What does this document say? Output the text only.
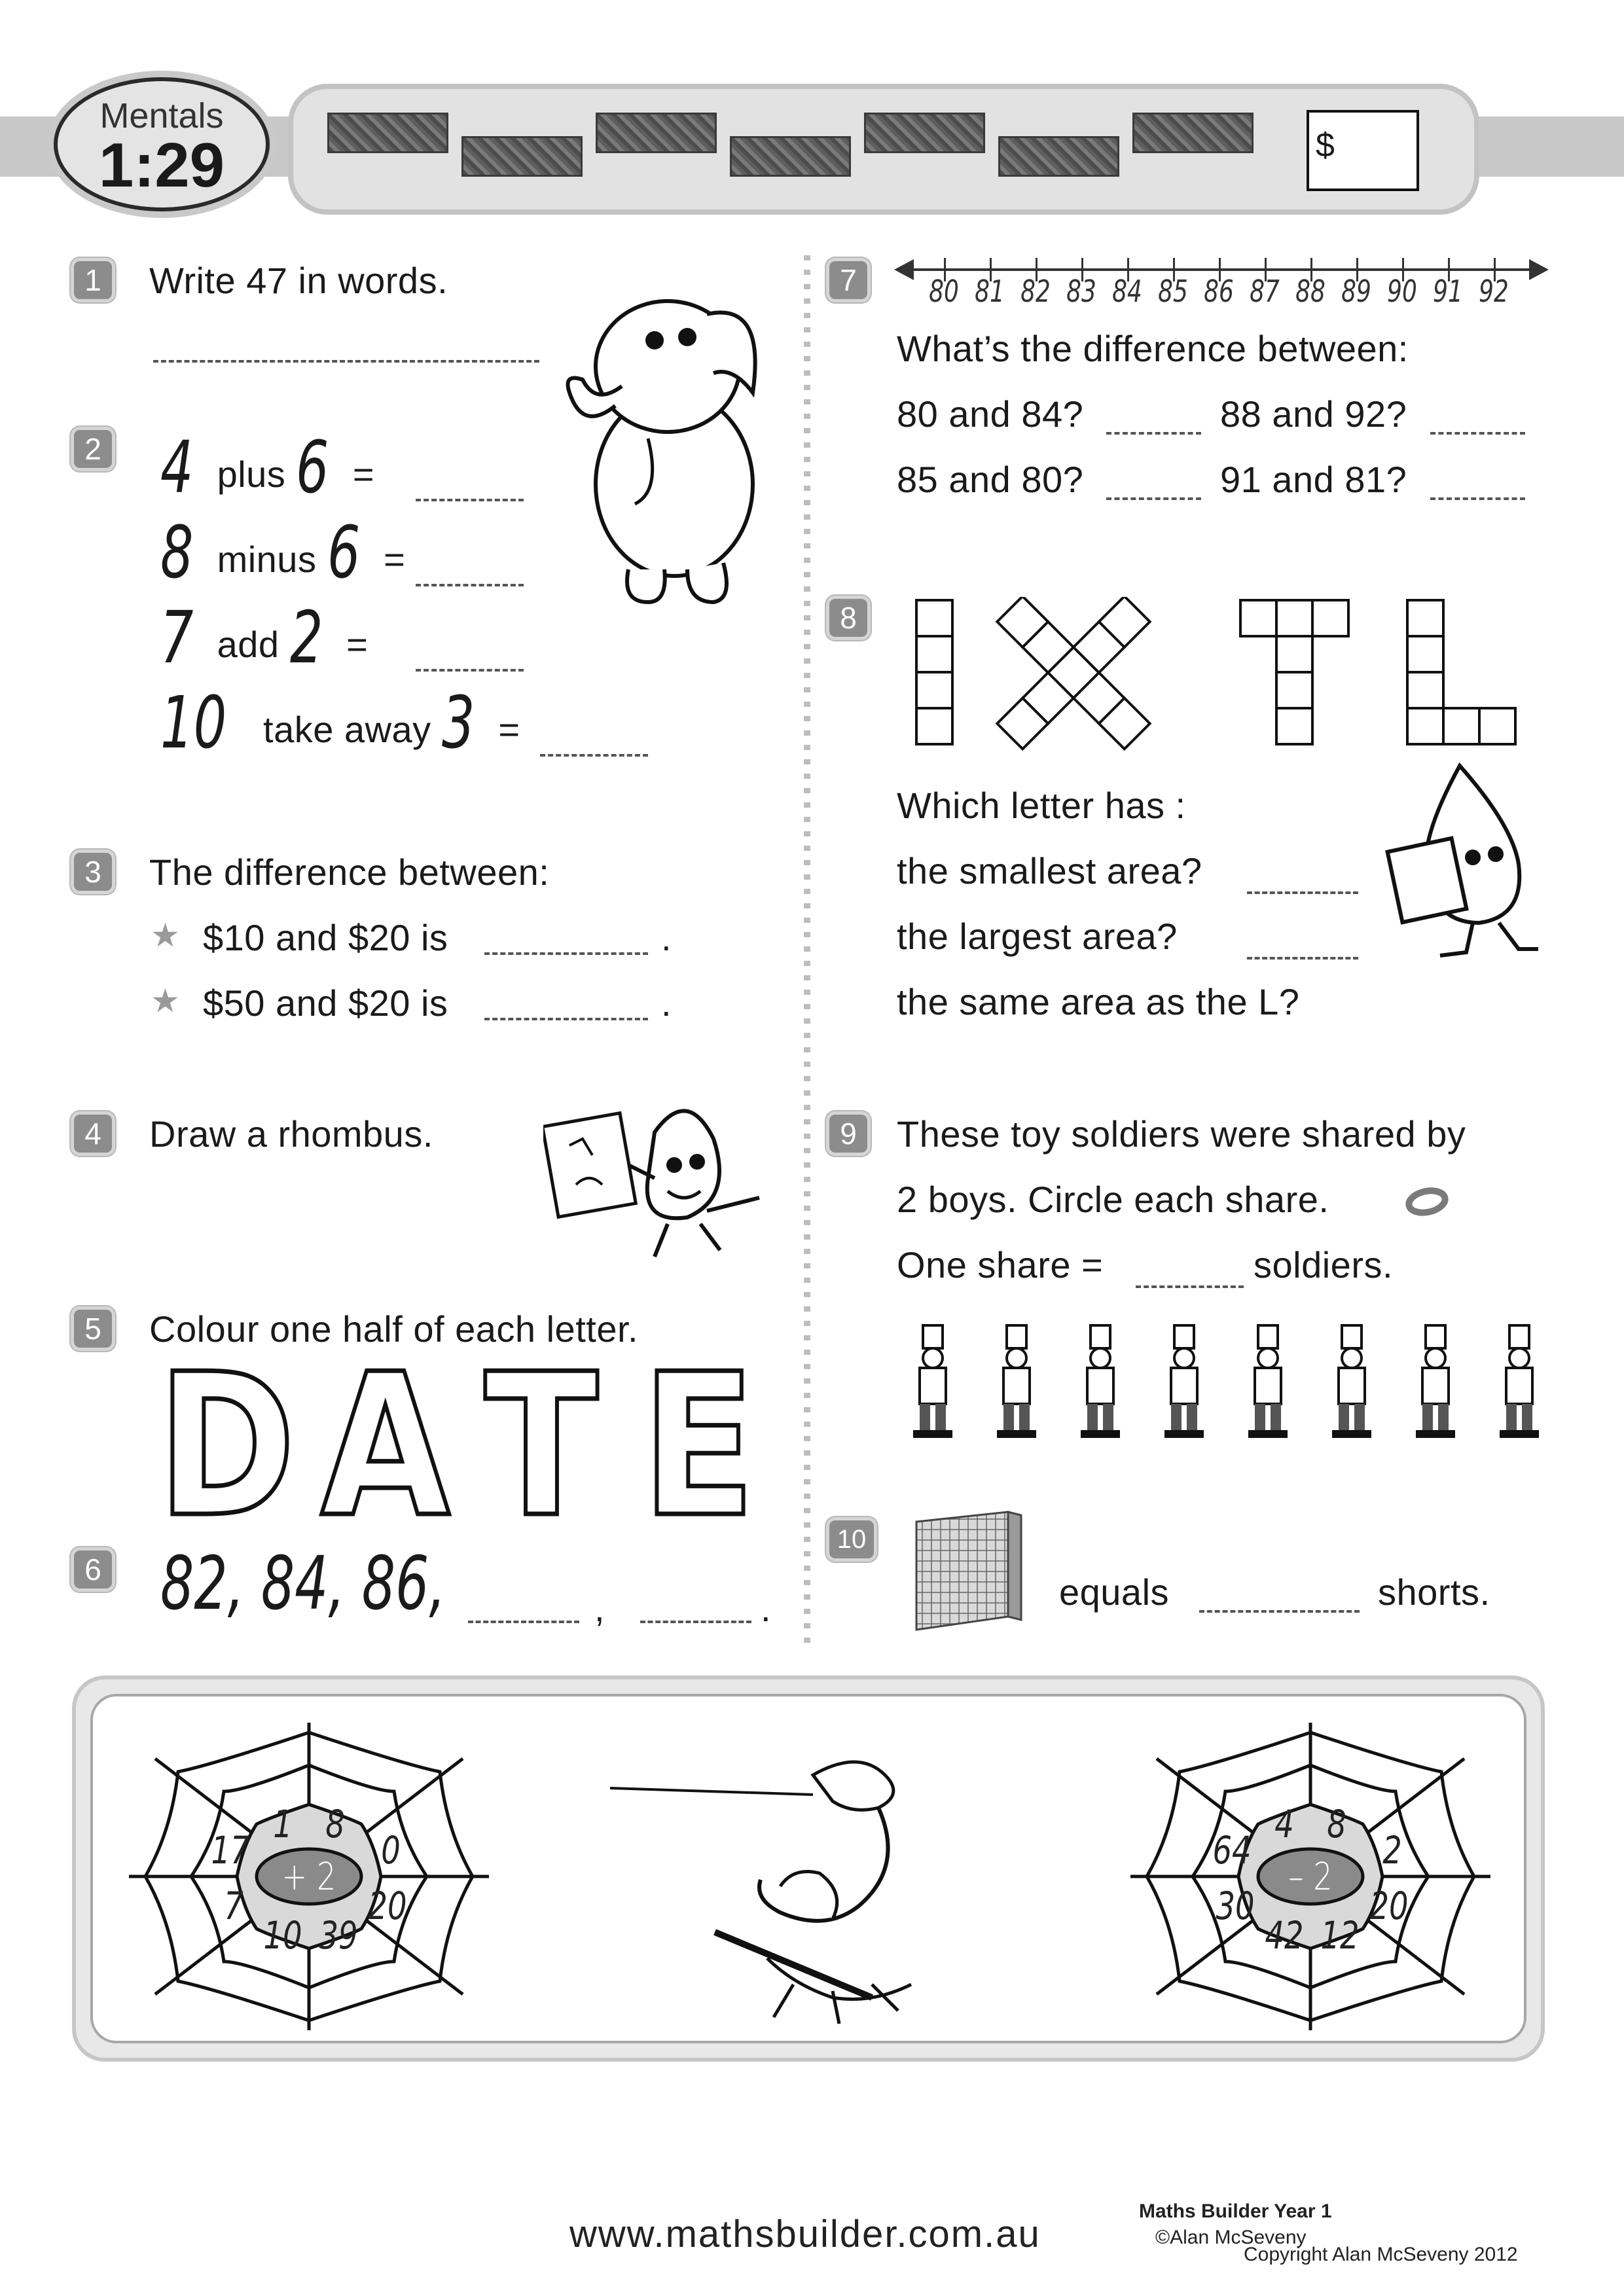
Mentals
1:29	$
1	Write 47 in words.
2 4 plus 6 =
8 minus 6 =
7 add 2 =
10 take away 3 =
3	The difference between:
★ $10 and $20 is	.
★ $50 and $20 is	.
4	Draw a rhombus.
5	Colour one half of each letter.
D A T E
6 82, 84, 86,	,	.
7	80 81 82 83 84 85 86 87 88 89 90 91 92
What’s the difference between:
80 and 84?	88 and 92?
85 and 80?	91 and 81?
8
Which letter has :
the smallest area?
the largest area?
the same area as the L?
9	These toy soldiers were shared by
2 boys. Circle each share.
One share =	soldiers.
10
equals	shorts.
+ 2
1 8
0
20
39
10
7
17
– 2
4 8
2
20
12
42
30
64
www.mathsbuilder.com.au
Maths Builder Year 1
©Alan McSeveny
Copyright Alan McSeveny 2012
